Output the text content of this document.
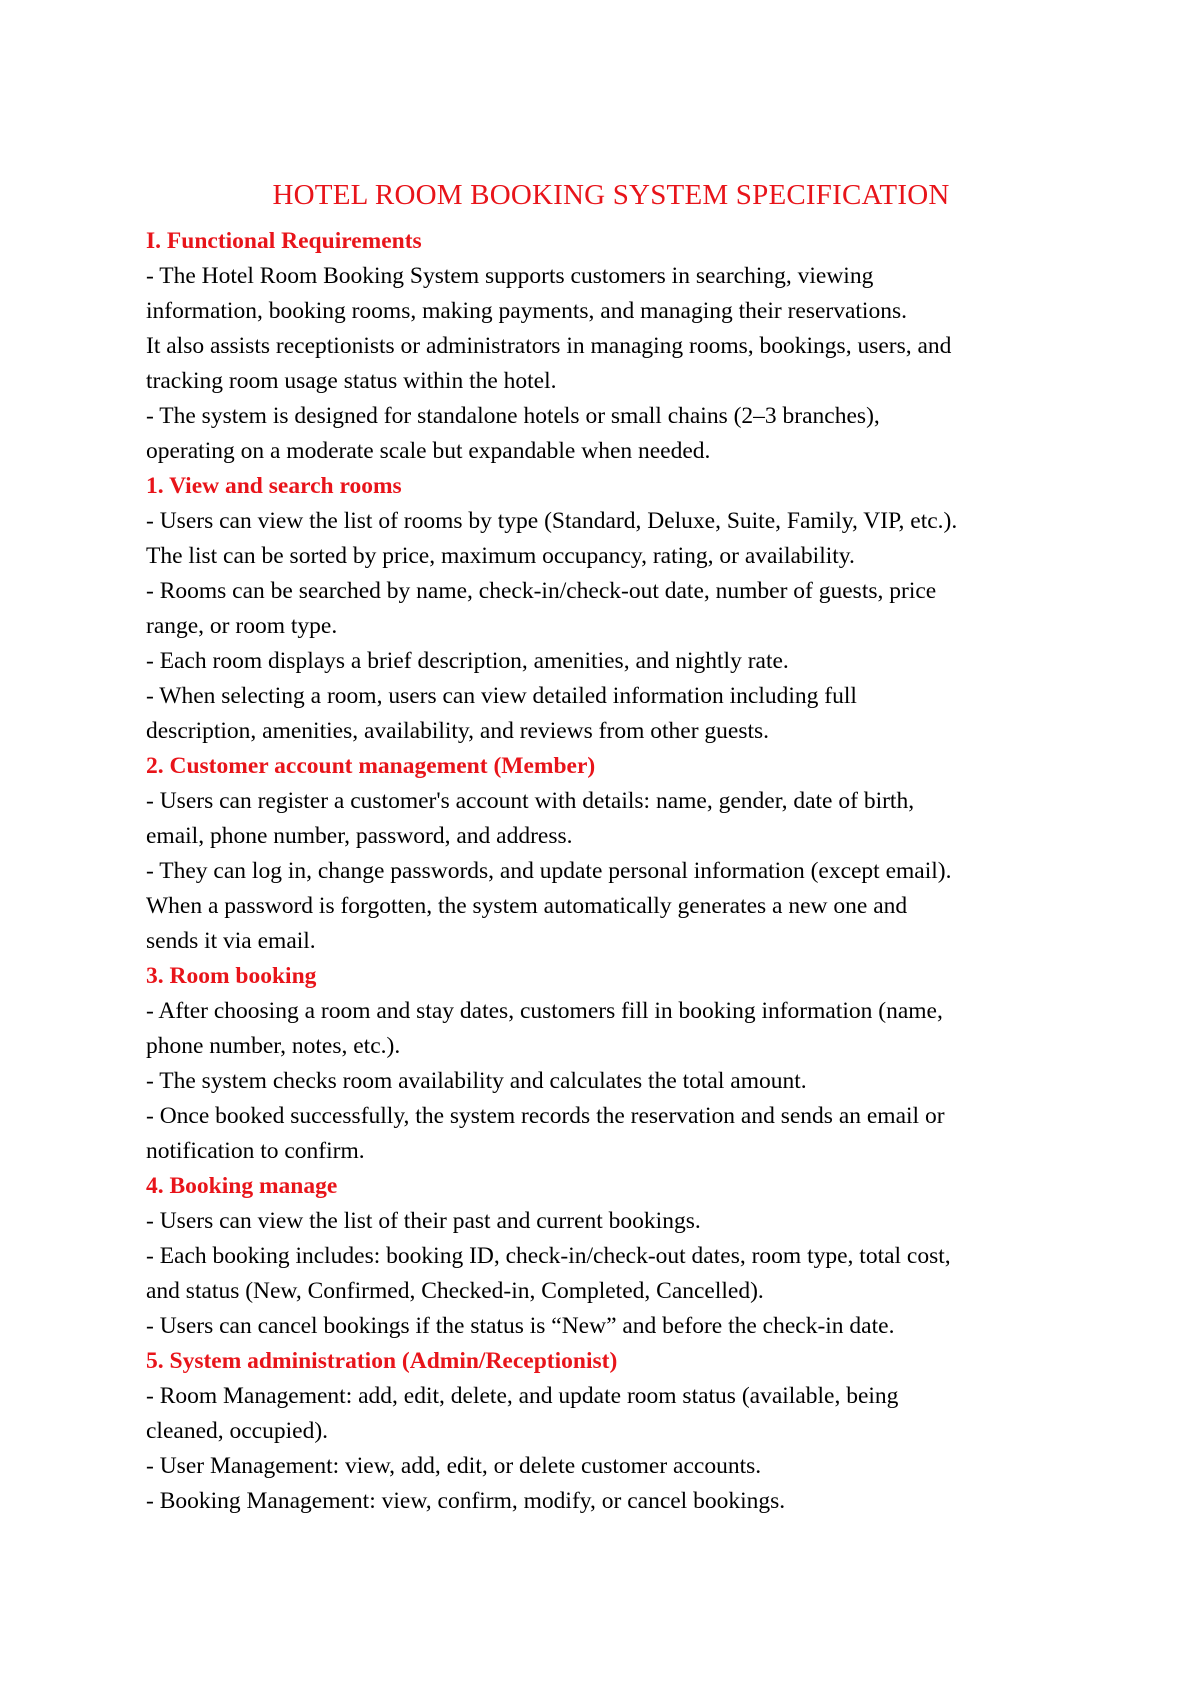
HOTEL ROOM BOOKING SYSTEM SPECIFICATION
I. Functional Requirements
- The Hotel Room Booking System supports customers in searching, viewing
information, booking rooms, making payments, and managing their reservations.
It also assists receptionists or administrators in managing rooms, bookings, users, and
tracking room usage status within the hotel.
- The system is designed for standalone hotels or small chains (2–3 branches),
operating on a moderate scale but expandable when needed.
1. View and search rooms
- Users can view the list of rooms by type (Standard, Deluxe, Suite, Family, VIP, etc.).
The list can be sorted by price, maximum occupancy, rating, or availability.
- Rooms can be searched by name, check-in/check-out date, number of guests, price
range, or room type.
- Each room displays a brief description, amenities, and nightly rate.
- When selecting a room, users can view detailed information including full
description, amenities, availability, and reviews from other guests.
2. Customer account management (Member)
- Users can register a customer's account with details: name, gender, date of birth,
email, phone number, password, and address.
- They can log in, change passwords, and update personal information (except email).
When a password is forgotten, the system automatically generates a new one and
sends it via email.
3. Room booking
- After choosing a room and stay dates, customers fill in booking information (name,
phone number, notes, etc.).
- The system checks room availability and calculates the total amount.
- Once booked successfully, the system records the reservation and sends an email or
notification to confirm.
4. Booking manage
- Users can view the list of their past and current bookings.
- Each booking includes: booking ID, check-in/check-out dates, room type, total cost,
and status (New, Confirmed, Checked-in, Completed, Cancelled).
- Users can cancel bookings if the status is “New” and before the check-in date.
5. System administration (Admin/Receptionist)
- Room Management: add, edit, delete, and update room status (available, being
cleaned, occupied).
- User Management: view, add, edit, or delete customer accounts.
- Booking Management: view, confirm, modify, or cancel bookings.
